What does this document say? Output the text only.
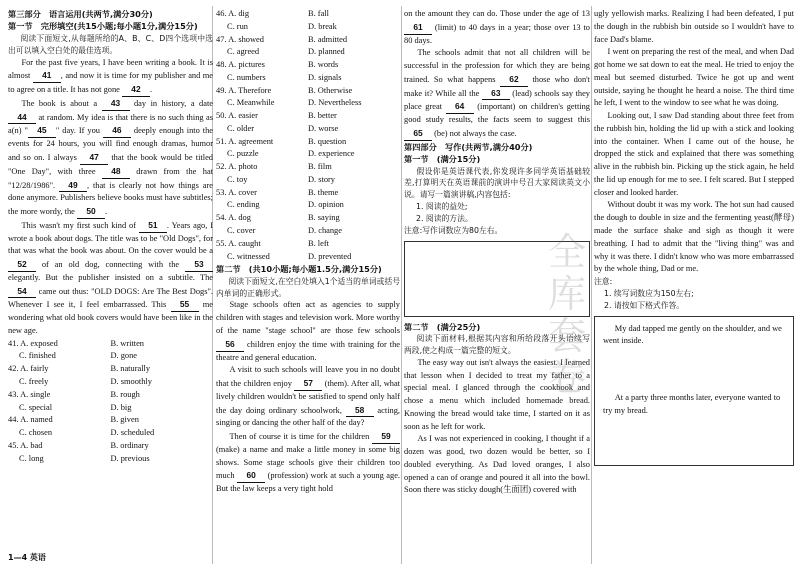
第三部分　语言运用(共两节,满分30分)
第一节　完形填空(共15小题;每小题1分,满分15分)

阅读下面短文,从每题所给的A、B、C、D四个选项中选出可以填入空白处的最佳选项。

For the past five years, I have been writing a book. It is almost 41 , and now it is time for my publisher and me to agree on a title. It has not gone 42 .

The book is about a 43 day in history, a date 44 at random. My idea is that there is no such thing as a(n) " 45 " day. If you 46 deeply enough into the events for 24 hours, you will find enough dramas, humor and so on. I always 47 that the book would be titled "One Day", with three 48 drawn from the hat "12/28/1986". 49 , that is clearly not how things are done anymore. Publishers believe books must have subtitles; the more wordy, the 50 .

This wasn't my first such kind of 51 . Years ago, I wrote a book about dogs. The title was to be "Old Dogs", for that was what the book was about. On the cover would be a 52 of an old dog, connecting with the 53 elegantly. But the publisher insisted on a subtitle. The 54 came out thus: "OLD DOGS: Are The Best Dogs". Whenever I see it, I feel embarrassed. This 55 me wondering what old book covers would have been like in the new age.

41. A. exposed	B. written
C. finished	D. gone
42. A. fairly	B. naturally
C. freely	D. smoothly
43. A. single	B. rough
C. special	D. big
44. A. named	B. given
C. chosen	D. scheduled
45. A. bad	B. ordinary
C. long	D. previous
46. A. dig	B. fall
C. run	D. break
47. A. showed	B. admitted
C. agreed	D. planned
48. A. pictures	B. words
C. numbers	D. signals
49. A. Therefore	B. Otherwise
C. Meanwhile	D. Nevertheless
50. A. easier	B. better
C. older	D. worse
51. A. agreement	B. question
C. puzzle	D. experience
52. A. photo	B. film
C. toy	D. story
53. A. cover	B. theme
C. ending	D. opinion
54. A. dog	B. saying
C. cover	D. change
55. A. caught	B. left
C. witnessed	D. prevented
第二节　(共10小题;每小题1.5分,满分15分)

阅读下面短文,在空白处填入1个适当的单词或括号内单词的正确形式。

Stage schools often act as agencies to supply children with stages and television work. More worthy of the name "stage school" are those few schools 56 children enjoy the time with training for the theatre and general education.

A visit to such schools will leave you in no doubt that the children enjoy 57 (them). After all, what lively children wouldn't be satisfied to spend only half the day doing ordinary schoolwork, 58 acting, singing or dancing the other half of the day?

Then of course it is time for the children 59 (make) a name and make a little money in some big shows. Some stage schools give their children too much 60 (profession) work at such a young age. But the law keeps a very tight hold

on the amount they can do. Those under the age of 13 61 (limit) to 40 days in a year; those over 13 to 80 days.

The schools admit that not all children will be successful in the profession for which they are being trained. So what happens 62 those who don't make it? While all the 63 (lead) schools say they place great 64 (important) on children's getting good study results, the facts seem to suggest this 65 (be) not always the case.

第四部分　写作(共两节,满分40分)
第一节　(满分15分)

假设你是英语课代表,你发现许多同学英语基础较差,打算明天在英语课前的演讲中号召大家阅读英文小说。请写一篇演讲稿,内容包括:

1. 阅读的益处;
2. 阅读的方法。
注意:写作词数应为80左右。
第二节　(满分25分)

阅读下面材料,根据其内容和所给段落开头语续写两段,使之构成一篇完整的短文。

The easy way out isn't always the easiest. I learned that lesson when I decided to treat my father to a special meal. I glanced through the cookbook and chose a menu which included homemade bread. Knowing the bread would take time, I started on it as soon as he left for work.

As I was not experienced in cooking, I thought if a dozen was good, two dozen would be better, so I doubled everything. As Dad loved oranges, I also opened a can of orange and poured it all into the bowl. Soon there was sticky dough(生面团) covered with

ugly yellowish marks. Realizing I had been defeated, I put the dough in the rubbish bin outside so I wouldn't have to face Dad's blame.

I went on preparing the rest of the meal, and when Dad got home we sat down to eat the meal. He tried to enjoy the meal but seemed disturbed. Twice he got up and went outside, saying he thought he heard a noise. The third time he left, I went to the window to see what he was doing.

Looking out, I saw Dad standing about three feet from the rubbish bin, holding the lid up with a stick and looking into the container. When I came out of the house, he dropped the stick and explained that there was something alive in the rubbish bin. Picking up the stick again, he held the lid up enough for me to see. I felt scared. But I stepped closer and looked harder.

Without doubt it was my work. The hot sun had caused the dough to double in size and the fermenting yeast(酵母) made the surface shake and sigh as though it were breathing. I had to admit that the "living thing" was and why it was there. I didn't know who was more embarrassed by the whole thing, Dad or me.

注意:
1. 续写词数应为150左右;
2. 请按如下格式作答。
My dad tapped me gently on the shoulder, and we went inside.
At a party three months later, everyone wanted to try my bread.
全 库 套 卷
1—4 英语
